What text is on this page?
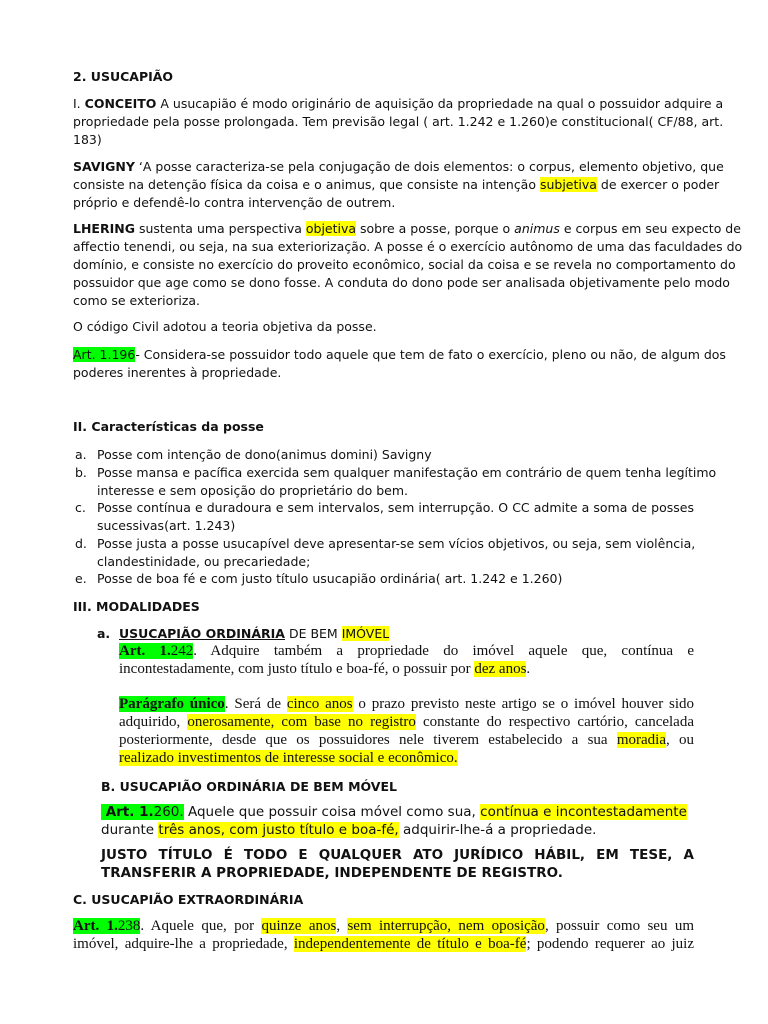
2. USUCAPIÃO

I. CONCEITO A usucapião é modo originário de aquisição da propriedade na qual o possuidor adquire a
propriedade pela posse prolongada. Tem previsão legal ( art. 1.242 e 1.260)e constitucional( CF/88, art.
183)

SAVIGNY ‘A posse caracteriza-se pela conjugação de dois elementos: o corpus, elemento objetivo, que
consiste na detenção física da coisa e o animus, que consiste na intenção subjetiva de exercer o poder
próprio e defendê-lo contra intervenção de outrem.

LHERING sustenta uma perspectiva objetiva sobre a posse, porque o animus e corpus em seu expecto de
affectio tenendi, ou seja, na sua exteriorização. A posse é o exercício autônomo de uma das faculdades do
domínio, e consiste no exercício do proveito econômico, social da coisa e se revela no comportamento do
possuidor que age como se dono fosse. A conduta do dono pode ser analisada objetivamente pelo modo
como se exterioriza.

O código Civil adotou a teoria objetiva da posse.

Art. 1.196- Considera-se possuidor todo aquele que tem de fato o exercício, pleno ou não, de algum dos
poderes inerentes à propriedade.

II. Características da posse

a. Posse com intenção de dono(animus domini) Savigny
b. Posse mansa e pacífica exercida sem qualquer manifestação em contrário de quem tenha legítimo
interesse e sem oposição do proprietário do bem.
c. Posse contínua e duradoura e sem intervalos, sem interrupção. O CC admite a soma de posses
sucessivas(art. 1.243)
d. Posse justa a posse usucapível deve apresentar-se sem vícios objetivos, ou seja, sem violência,
clandestinidade, ou precariedade;
e. Posse de boa fé e com justo título usucapião ordinária( art. 1.242 e 1.260)

III. MODALIDADES

a. USUCAPIÃO ORDINÁRIA DE BEM IMÓVEL

Art. 1.242. Adquire também a propriedade do imóvel aquele que, contínua e
incontestadamente, com justo título e boa-fé, o possuir por dez anos.

Parágrafo único. Será de cinco anos o prazo previsto neste artigo se o imóvel houver sido
adquirido, onerosamente, com base no registro constante do respectivo cartório, cancelada
posteriormente, desde que os possuidores nele tiverem estabelecido a sua moradia, ou
realizado investimentos de interesse social e econômico.

B. USUCAPIÃO ORDINÁRIA DE BEM MÓVEL

Art. 1.260. Aquele que possuir coisa móvel como sua, contínua e incontestadamente
durante três anos, com justo título e boa-fé, adquirir-lhe-á a propriedade.

JUSTO TÍTULO É TODO E QUALQUER ATO JURÍDICO HÁBIL, EM TESE, A
TRANSFERIR A PROPRIEDADE, INDEPENDENTE DE REGISTRO.

C. USUCAPIÃO EXTRAORDINÁRIA

Art. 1.238. Aquele que, por quinze anos, sem interrupção, nem oposição, possuir como seu um
imóvel, adquire-lhe a propriedade, independentemente de título e boa-fé; podendo requerer ao juiz
